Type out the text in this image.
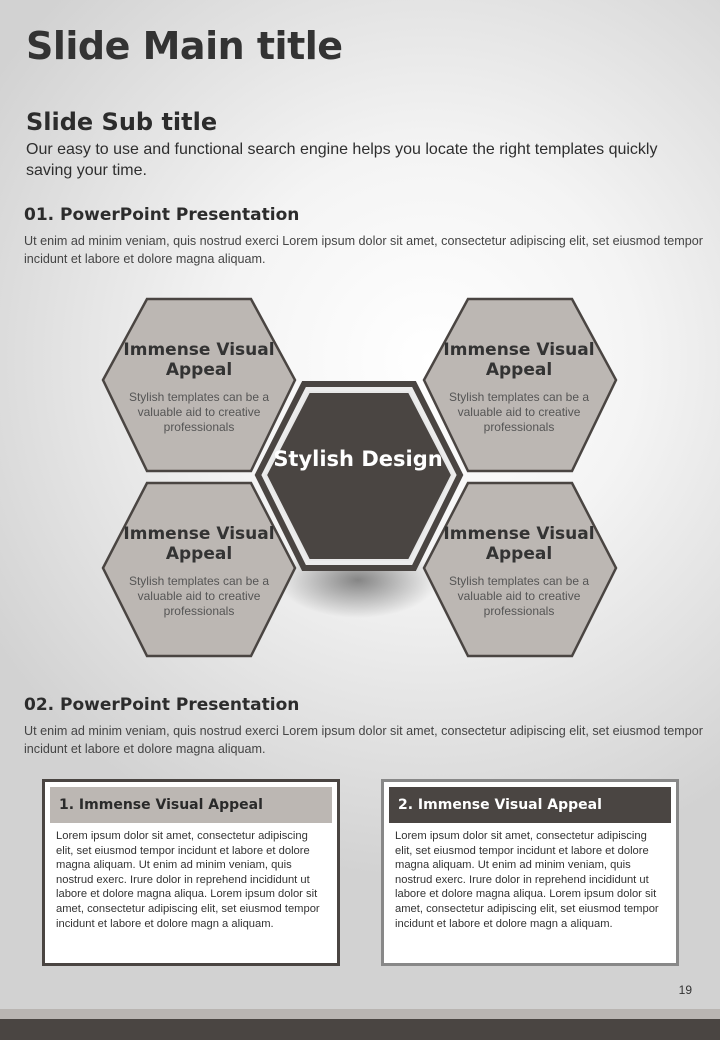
Slide Main title
Slide Sub title
Our easy to use and functional search engine helps you locate the right templates quickly saving your time.
01. PowerPoint Presentation
Ut enim ad minim veniam, quis nostrud exerci Lorem ipsum dolor sit amet, consectetur adipiscing elit, set eiusmod tempor incidunt et labore et dolore magna aliquam.
Immense Visual Appeal
Stylish templates can be a valuable aid to creative professionals
Immense Visual Appeal
Stylish templates can be a valuable aid to creative professionals
Immense Visual Appeal
Stylish templates can be a valuable aid to creative professionals
Immense Visual Appeal
Stylish templates can be a valuable aid to creative professionals
Stylish Design
02. PowerPoint Presentation
Ut enim ad minim veniam, quis nostrud exerci Lorem ipsum dolor sit amet, consectetur adipiscing elit, set eiusmod tempor incidunt et labore et dolore magna aliquam.
1. Immense Visual Appeal
Lorem ipsum dolor sit amet, consectetur adipiscing elit, set eiusmod tempor incidunt et labore et dolore magna aliquam. Ut enim ad minim veniam, quis nostrud exerc. Irure dolor in reprehend incididunt ut labore et dolore magna aliqua. Lorem ipsum dolor sit amet, consectetur adipiscing elit, set eiusmod tempor incidunt et labore et dolore magn a aliquam.
2. Immense Visual Appeal
Lorem ipsum dolor sit amet, consectetur adipiscing elit, set eiusmod tempor incidunt et labore et dolore magna aliquam. Ut enim ad minim veniam, quis nostrud exerc. Irure dolor in reprehend incididunt ut labore et dolore magna aliqua. Lorem ipsum dolor sit amet, consectetur adipiscing elit, set eiusmod tempor incidunt et labore et dolore magn a aliquam.
19
